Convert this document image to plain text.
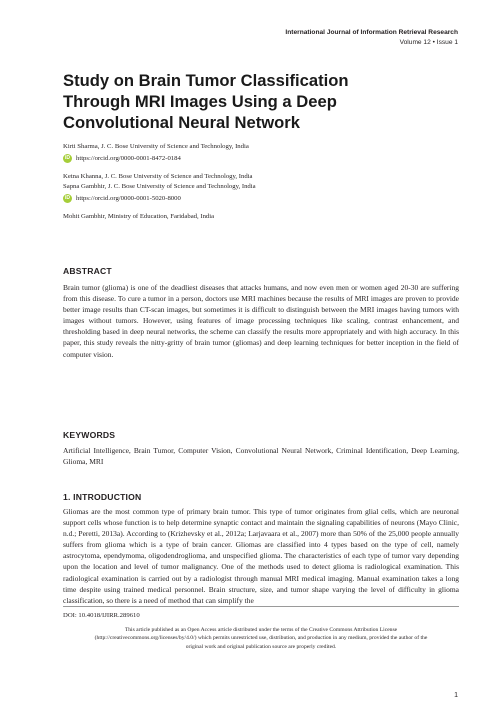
International Journal of Information Retrieval Research
Volume 12 • Issue 1
Study on Brain Tumor Classification
Through MRI Images Using a Deep
Convolutional Neural Network
Kirti Sharma, J. C. Bose University of Science and Technology, India
iD https://orcid.org/0000-0001-8472-0184
Ketna Khanna, J. C. Bose University of Science and Technology, India
Sapna Gambhir, J. C. Bose University of Science and Technology, India
iD https://orcid.org/0000-0001-5020-8000
Mohit Gambhir, Ministry of Education, Faridabad, India
ABSTRACT

Brain tumor (glioma) is one of the deadliest diseases that attacks humans, and now even men or women aged 20-30 are suffering from this disease. To cure a tumor in a person, doctors use MRI machines because the results of MRI images are proven to provide better image results than CT-scan images, but sometimes it is difficult to distinguish between the MRI images having tumors with images without tumors. However, using features of image processing techniques like scaling, contrast enhancement, and thresholding based in deep neural networks, the scheme can classify the results more appropriately and with high accuracy. In this paper, this study reveals the nitty-gritty of brain tumor (gliomas) and deep learning techniques for better inception in the field of computer vision.

KEYWORDS

Artificial Intelligence, Brain Tumor, Computer Vision, Convolutional Neural Network, Criminal Identification, Deep Learning, Glioma, MRI

1. INTRODUCTION

Gliomas are the most common type of primary brain tumor. This type of tumor originates from glial cells, which are neuronal support cells whose function is to help determine synaptic contact and maintain the signaling capabilities of neurons (Mayo Clinic, n.d.; Peretti, 2013a). According to (Krizhevsky et al., 2012a; Larjavaara et al., 2007) more than 50% of the 25,000 people annually suffers from glioma which is a type of brain cancer. Gliomas are classified into 4 types based on the type of cell, namely astrocytoma, ependymoma, oligodendroglioma, and unspecified glioma. The characteristics of each type of tumor vary depending upon the location and level of tumor malignancy. One of the methods used to detect glioma is radiological examination. This radiological examination is carried out by a radiologist through manual MRI medical imaging. Manual examination takes a long time despite using trained medical personnel. Brain structure, size, and tumor shape varying the level of difficulty in glioma classification, so there is a need of method that can simplify the

DOI: 10.4018/IJIRR.289610
This article published as an Open Access article distributed under the terms of the Creative Commons Attribution License (http://creativecommons.org/licenses/by/4.0/) which permits unrestricted use, distribution, and production in any medium, provided the author of the original work and original publication source are properly credited.
1
